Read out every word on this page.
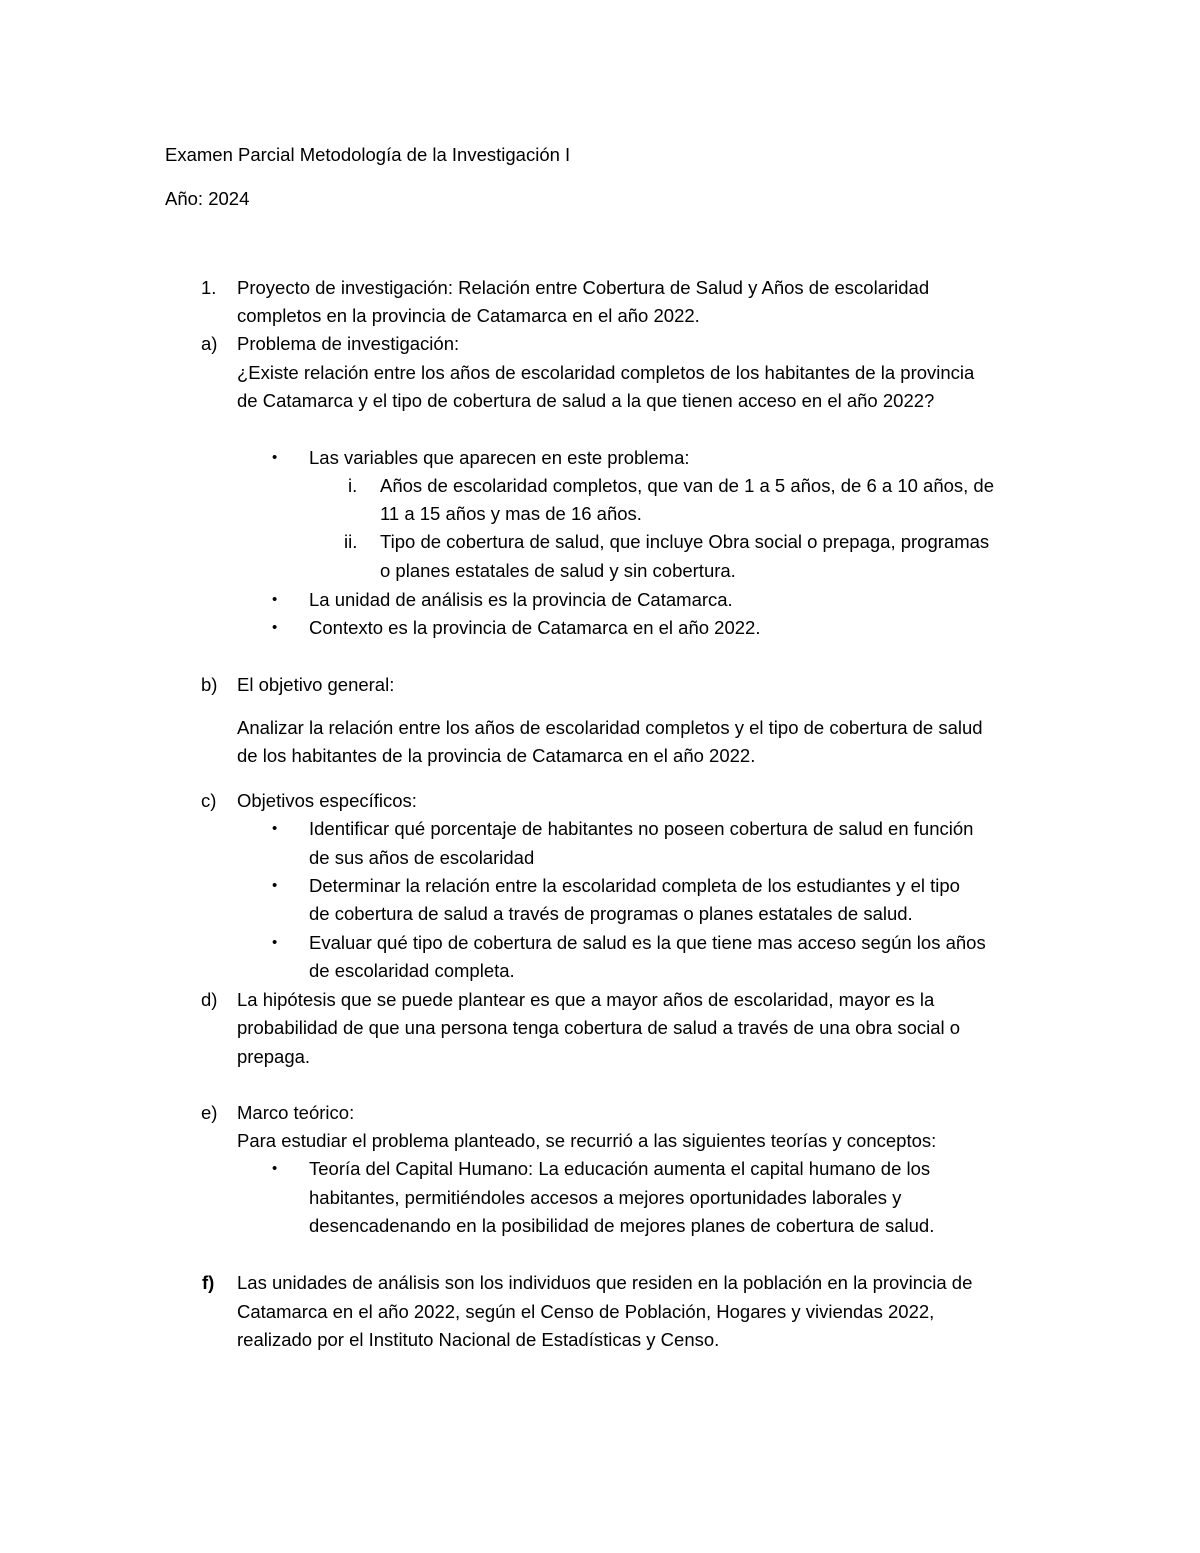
Examen Parcial Metodología de la Investigación I
Año: 2024
1. Proyecto de investigación: Relación entre Cobertura de Salud y Años de escolaridad
completos en la provincia de Catamarca en el año 2022.
a) Problema de investigación:
¿Existe relación entre los años de escolaridad completos de los habitantes de la provincia
de Catamarca y el tipo de cobertura de salud a la que tienen acceso en el año 2022?
• Las variables que aparecen en este problema:
i. Años de escolaridad completos, que van de 1 a 5 años, de 6 a 10 años, de
11 a 15 años y mas de 16 años.
ii. Tipo de cobertura de salud, que incluye Obra social o prepaga, programas
o planes estatales de salud y sin cobertura.
• La unidad de análisis es la provincia de Catamarca.
• Contexto es la provincia de Catamarca en el año 2022.
b) El objetivo general:
Analizar la relación entre los años de escolaridad completos y el tipo de cobertura de salud
de los habitantes de la provincia de Catamarca en el año 2022.
c) Objetivos específicos:
• Identificar qué porcentaje de habitantes no poseen cobertura de salud en función
de sus años de escolaridad
• Determinar la relación entre la escolaridad completa de los estudiantes y el tipo
de cobertura de salud a través de programas o planes estatales de salud.
• Evaluar qué tipo de cobertura de salud es la que tiene mas acceso según los años
de escolaridad completa.
d) La hipótesis que se puede plantear es que a mayor años de escolaridad, mayor es la
probabilidad de que una persona tenga cobertura de salud a través de una obra social o
prepaga.
e) Marco teórico:
Para estudiar el problema planteado, se recurrió a las siguientes teorías y conceptos:
• Teoría del Capital Humano: La educación aumenta el capital humano de los
habitantes, permitiéndoles accesos a mejores oportunidades laborales y
desencadenando en la posibilidad de mejores planes de cobertura de salud.
f) Las unidades de análisis son los individuos que residen en la población en la provincia de
Catamarca en el año 2022, según el Censo de Población, Hogares y viviendas 2022,
realizado por el Instituto Nacional de Estadísticas y Censo.
